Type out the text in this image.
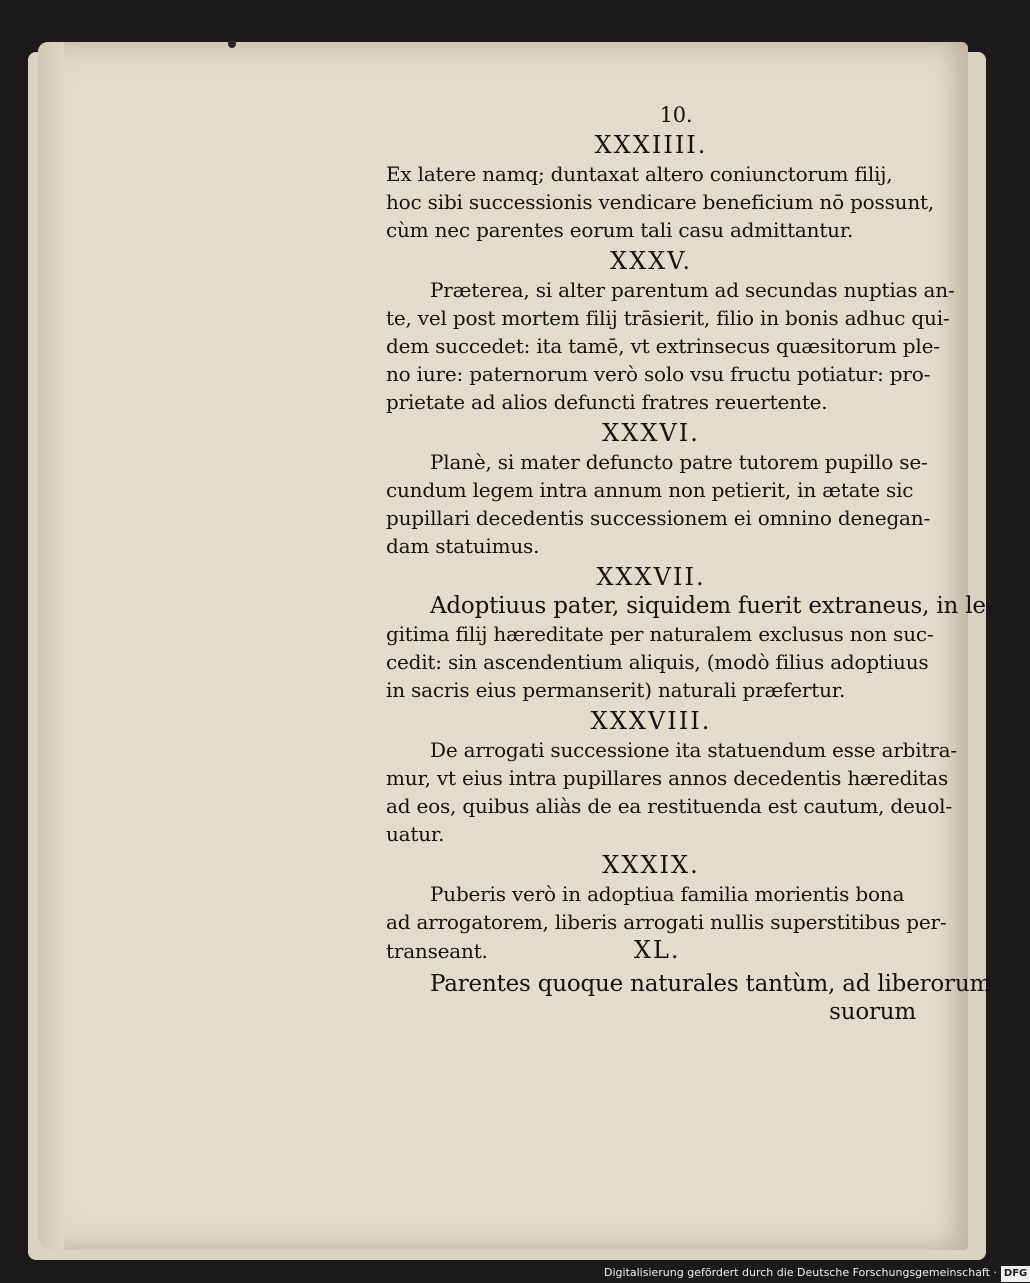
10.
XXXIIII.
Ex latere namq; duntaxat altero coniunctorum filij,
hoc sibi successionis vendicare beneficium nō possunt,
cùm nec parentes eorum tali casu admittantur.
XXXV.
Præterea, si alter parentum ad secundas nuptias an-
te, vel post mortem filij trāsierit, filio in bonis adhuc qui-
dem succedet: ita tamē, vt extrinsecus quæsitorum ple-
no iure: paternorum verò solo vsu fructu potiatur: pro-
prietate ad alios defuncti fratres reuertente.
XXXVI.
Planè, si mater defuncto patre tutorem pupillo se-
cundum legem intra annum non petierit, in ætate sic
pupillari decedentis successionem ei omnino denegan-
dam statuimus.
XXXVII.
Adoptiuus pater, siquidem fuerit extraneus, in le-
gitima filij hæreditate per naturalem exclusus non suc-
cedit: sin ascendentium aliquis, (modò filius adoptiuus
in sacris eius permanserit) naturali præfertur.
XXXVIII.
De arrogati successione ita statuendum esse arbitra-
mur, vt eius intra pupillares annos decedentis hæreditas
ad eos, quibus aliàs de ea restituenda est cautum, deuol-
uatur.
XXXIX.
Puberis verò in adoptiua familia morientis bona
ad arrogatorem, liberis arrogati nullis superstitibus per-
transeant.	XL.
Parentes quoque naturales tantùm, ad liberorum
suorum
Digitalisierung gefördert durch die Deutsche Forschungsgemeinschaft · DFG
